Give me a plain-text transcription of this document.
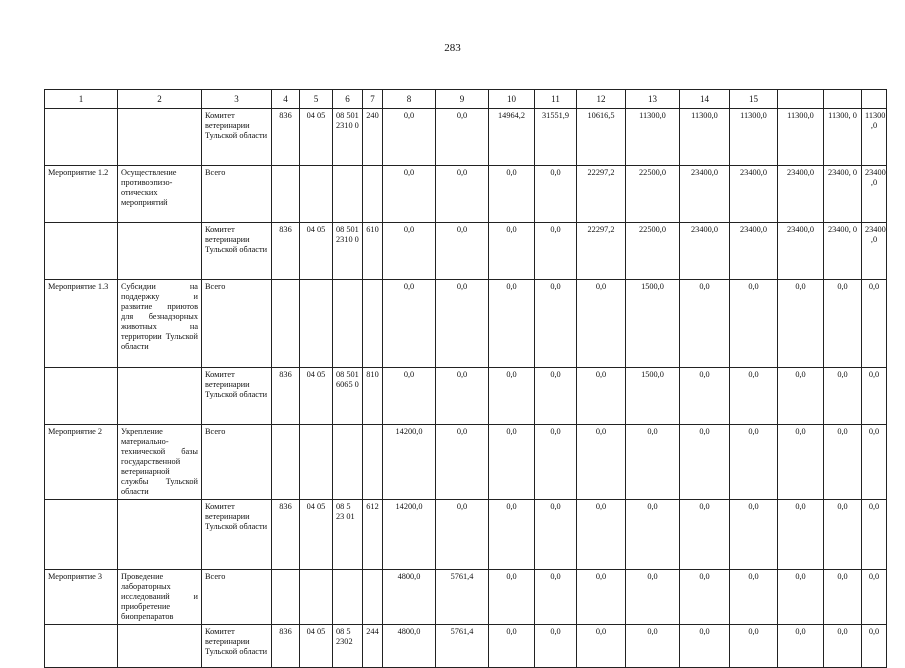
283
1	2	3	4	5	6	7	8	9	10	11	12	13	14	15			
		Комитет ветеринарии Тульской области	836	04 05	08 501 2310 0	240	0,0	0,0	14964,2	31551,9	10616,5	11300,0	11300,0	11300,0	11300,0	11300, 0	11300 ,0
Мероприятие 1.2	Осуществление противоэпизо-отических мероприятий	Всего					0,0	0,0	0,0	0,0	22297,2	22500,0	23400,0	23400,0	23400,0	23400, 0	23400 ,0
		Комитет ветеринарии Тульской области	836	04 05	08 501 2310 0	610	0,0	0,0	0,0	0,0	22297,2	22500,0	23400,0	23400,0	23400,0	23400, 0	23400 ,0
Мероприятие 1.3	Субсидии на поддержку и развитие приютов для безнадзорных животных на территории Тульской области	Всего					0,0	0,0	0,0	0,0	0,0	1500,0	0,0	0,0	0,0	0,0	0,0
		Комитет ветеринарии Тульской области	836	04 05	08 501 6065 0	810	0,0	0,0	0,0	0,0	0,0	1500,0	0,0	0,0	0,0	0,0	0,0
Мероприятие 2	Укрепление материально-технической базы государственной ветеринарной службы Тульской области	Всего					14200,0	0,0	0,0	0,0	0,0	0,0	0,0	0,0	0,0	0,0	0,0
		Комитет ветеринарии Тульской области	836	04 05	08 5 23 01	612	14200,0	0,0	0,0	0,0	0,0	0,0	0,0	0,0	0,0	0,0	0,0
Мероприятие 3	Проведение лабораторных исследований и приобретение биопрепаратов	Всего					4800,0	5761,4	0,0	0,0	0,0	0,0	0,0	0,0	0,0	0,0	0,0
		Комитет ветеринарии Тульской области	836	04 05	08 5 2302	244	4800,0	5761,4	0,0	0,0	0,0	0,0	0,0	0,0	0,0	0,0	0,0
